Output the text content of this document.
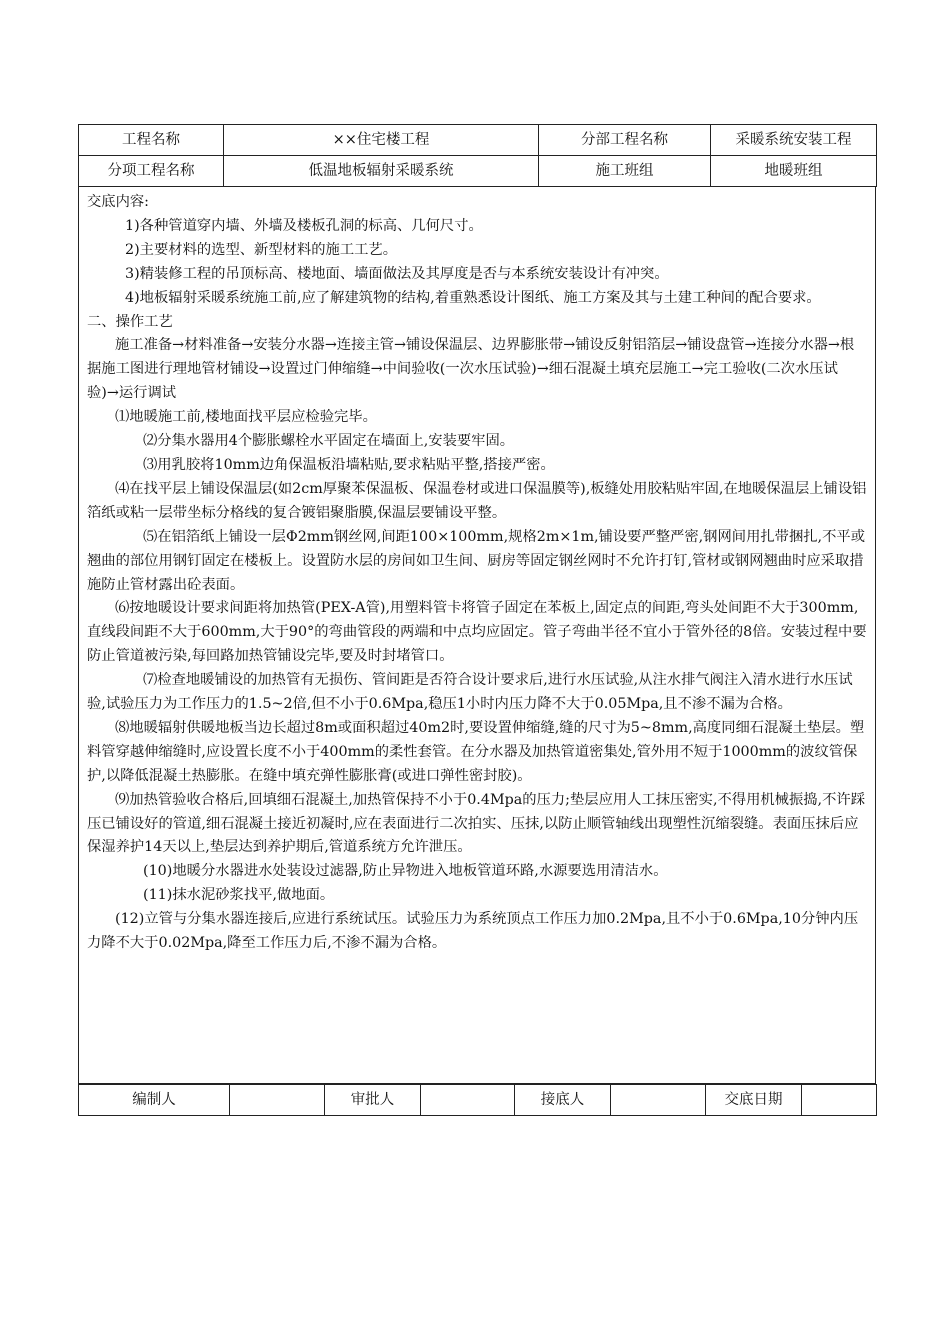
工程名称	××住宅楼工程	分部工程名称	采暖系统安装工程
分项工程名称	低温地板辐射采暖系统	施工班组	地暖班组

交底内容:

1)各种管道穿内墙、外墙及楼板孔洞的标高、几何尺寸。

2)主要材料的选型、新型材料的施工工艺。

3)精装修工程的吊顶标高、楼地面、墙面做法及其厚度是否与本系统安装设计有冲突。

4)地板辐射采暖系统施工前,应了解建筑物的结构,着重熟悉设计图纸、施工方案及其与土建工种间的配合要求。

二、操作工艺

施工准备→材料准备→安装分水器→连接主管→铺设保温层、边界膨胀带→铺设反射铝箔层→铺设盘管→连接分水器→根据施工图进行理地管材铺设→设置过门伸缩缝→中间验收(一次水压试验)→细石混凝土填充层施工→完工验收(二次水压试验)→运行调试

⑴地暖施工前,楼地面找平层应检验完毕。

⑵分集水器用4个膨胀螺栓水平固定在墙面上,安装要牢固。

⑶用乳胶将10mm边角保温板沿墙粘贴,要求粘贴平整,搭接严密。

⑷在找平层上铺设保温层(如2cm厚聚苯保温板、保温卷材或进口保温膜等),板缝处用胶粘贴牢固,在地暖保温层上铺设铝箔纸或粘一层带坐标分格线的复合镀铝聚脂膜,保温层要铺设平整。

⑸在铝箔纸上铺设一层Φ2mm钢丝网,间距100×100mm,规格2m×1m,铺设要严整严密,钢网间用扎带捆扎,不平或翘曲的部位用钢钉固定在楼板上。设置防水层的房间如卫生间、厨房等固定钢丝网时不允许打钉,管材或钢网翘曲时应采取措施防止管材露出砼表面。

⑹按地暖设计要求间距将加热管(PEX-A管),用塑料管卡将管子固定在苯板上,固定点的间距,弯头处间距不大于300mm,直线段间距不大于600mm,大于90°的弯曲管段的两端和中点均应固定。管子弯曲半径不宜小于管外径的8倍。安装过程中要防止管道被污染,每回路加热管铺设完毕,要及时封堵管口。

⑺检查地暖铺设的加热管有无损伤、管间距是否符合设计要求后,进行水压试验,从注水排气阀注入清水进行水压试验,试验压力为工作压力的1.5~2倍,但不小于0.6Mpa,稳压1小时内压力降不大于0.05Mpa,且不渗不漏为合格。

⑻地暖辐射供暖地板当边长超过8m或面积超过40m2时,要设置伸缩缝,缝的尺寸为5~8mm,高度同细石混凝土垫层。塑料管穿越伸缩缝时,应设置长度不小于400mm的柔性套管。在分水器及加热管道密集处,管外用不短于1000mm的波纹管保护,以降低混凝土热膨胀。在缝中填充弹性膨胀膏(或进口弹性密封胶)。

⑼加热管验收合格后,回填细石混凝土,加热管保持不小于0.4Mpa的压力;垫层应用人工抹压密实,不得用机械振捣,不许踩压已铺设好的管道,细石混凝土接近初凝时,应在表面进行二次拍实、压抹,以防止顺管轴线出现塑性沉缩裂缝。表面压抹后应保湿养护14天以上,垫层达到养护期后,管道系统方允许泄压。

(10)地暖分水器进水处装设过滤器,防止异物进入地板管道环路,水源要选用清洁水。

(11)抹水泥砂浆找平,做地面。

(12)立管与分集水器连接后,应进行系统试压。试验压力为系统顶点工作压力加0.2Mpa,且不小于0.6Mpa,10分钟内压力降不大于0.02Mpa,降至工作压力后,不渗不漏为合格。

编制人		审批人		接底人		交底日期	
